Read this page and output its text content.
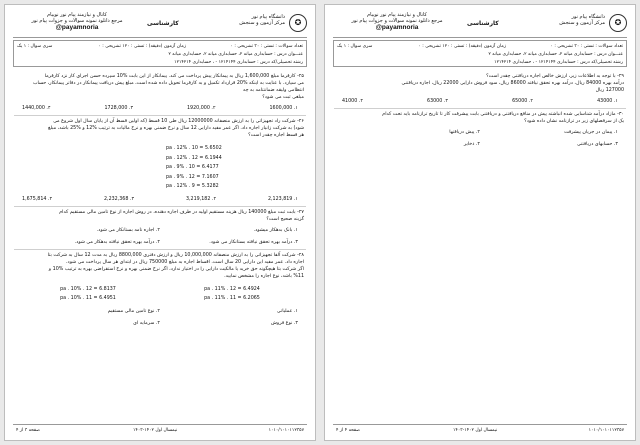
کانال و نیازمند پیام نور نوپیام
مرجع دانلود نمونه سوالات و جزوات پیام نور
@payamnoria
کارشناسی
دانشگاه پیام نور
مرکز آزمون و سنجش	✪
تعداد سوالات : تستی : ۳۰ تشریحی : ۰
زمان آزمون (دقیقه) : تستی : ۱۲۰ تشریحی : ۰
سری سوال : ۱ یک
عنـــوان درس : حسابداری میانه ۲، حسابداری میانه ۲، حسابداری میانه ۲
رشته تحصیلی/کد درس : حسابداری ۱۲۱۴۱۴۴ - ، حسابداری ۱۲۱۴۲۱۴
۲۵- کارفرما مبلغ 1,600,000 ریال به پیمانکار پیش پرداخت می کند. پیمانکار از این بابت %10 سپرده حسن اجرای کار نزد کارفرما
می سپارد. با عنایت به اینکه %20 قرارداد تکمیل و به کارفرما تحویل داده شده است، مبلغ پیش دریافت پیمانکار در دفاتر پیمانکار، حساب انتظامی ولیقه ضمانتنامه به چه
مبلغی ثبت می شود؟
۱. 1600,000
۲. 1920,000
۳. 1728,000
۴. 1440,000
۲۶- شرکت راد تجهیزاتی را به ارزش منصفانه 12000000 ریال طی 10 قسط (که اولین قسط آن از پایان سال اول شروع می
شود) به شرکت زانیار اجاره داد. اگر عمر مفید دارایی 12 سال و نرخ ضمنی بهره و نرخ مالیات به ترتیب %12 و %25 باشد، مبلغ
هر قسط اجاره چقدر است؟
pa . 12% . 10 = 5.6502
pa . 12% . 12 = 6.1944
pa . 9% . 10 = 6.4177
pa . 9% . 12 = 7.1607
pa . 12% . 9 = 5.3282
۱. 2,123,819
۲. 3,219,182
۳. 2,232,368
۴. 1,675,814
۲۷- بابت ثبت مبلغ 140000 ریال هزینه مستقیم اولیه در طرف اجاره دهنده، در روش اجاره از نوع تامین مالی مستقیم کدام
گزینه صحیح است؟
۱. بانک بدهکار میشود.
۲. اجاره نامه بستانکار می شود.
۳. درآمد بهره تحقق نیافته بستانکار می شود.
۴. درآمد بهره تحقق نیافته بدهکار می شود.
۲۸- شرکت آلفا تجهیزاتی را به ارزش منصفانه 10,000,000 ریال و ارزش دفتری 8800,000 ریال به مدت 12 سال به شرکت بتا
اجاره داد. عمر مفید این دارایی 20 سال است. اقساط اجاره به مبلغ 750000 ریال در ابتدای هر سال پرداخت می شود.
اگر شرکت بتا هیچگونه حق خرید یا مالکیت دارایی را در اختیار ندارد، اگر نرخ ضمنی بهره و نرخ استقراضی بهره به ترتیب %10 و
%11 باشد، نوع اجاره را مشخص نمایید.
pa . 10% . 12 = 6.8137
pa . 10% . 11 = 6.4951
pa . 11% . 12 = 6.4924
pa . 11% . 11 = 6.2065
۱. عملیاتی
۲. نوع تامین مالی مستقیم
۳. نوع فروش
۴. سرمایه ای
صفحه ۳ از ۴	نیمسال اول ۱۴۰۲-۱۴۰۳	۱۰۱۰/۱۰۱۰۱۱۲۳۵۷
کانال و نیازمند پیام نور نوپیام
مرجع دانلود نمونه سوالات و جزوات پیام نور
@payamnoria
کارشناسی
دانشگاه پیام نور
مرکز آزمون و سنجش	✪
تعداد سوالات : تستی : ۳۰ تشریحی : ۰
زمان آزمون (دقیقه) : تستی : ۱۲۰ تشریحی : ۰
سری سوال : ۱ یک
عنـــوان درس : حسابداری میانه ۲، حسابداری میانه ۲، حسابداری میانه ۲
رشته تحصیلی/کد درس : حسابداری ۱۲۱۴۱۴۴ - ، حسابداری ۱۲۱۴۲۱۴
۲۹- با توجه به اطلاعات زیر، ارزش خالص اجاره دریافتنی چقدر است؟
درآمد بهره 84000 ریال، درآمد بهره تحقق نیافته 86000 ریال، سود فروش دارایی 22000 ریال، اجاره دریافتنی
127000 ریال
۱. 43000
۲. 65000
۳. 63000
۴. 41000
۳۰- مازاد درآمد شناسایی شده انباشته پیش در منافع دریافتنی و دریافتنی بابت پیشرفت کار تا تاریخ ترازنامه باید تحت کدام
یک از سرفصلهای زیر در ترازنامه نشان داده شود؟
۱. پیمان در جریان پیشرفت
۲. پیش دریافتها
۳. حسابهای دریافتنی
۴. ذخایر
صفحه ۴ از ۴	نیمسال اول ۱۴۰۲-۱۴۰۳	۱۰۱۰/۱۰۱۰۱۱۲۳۵۷
